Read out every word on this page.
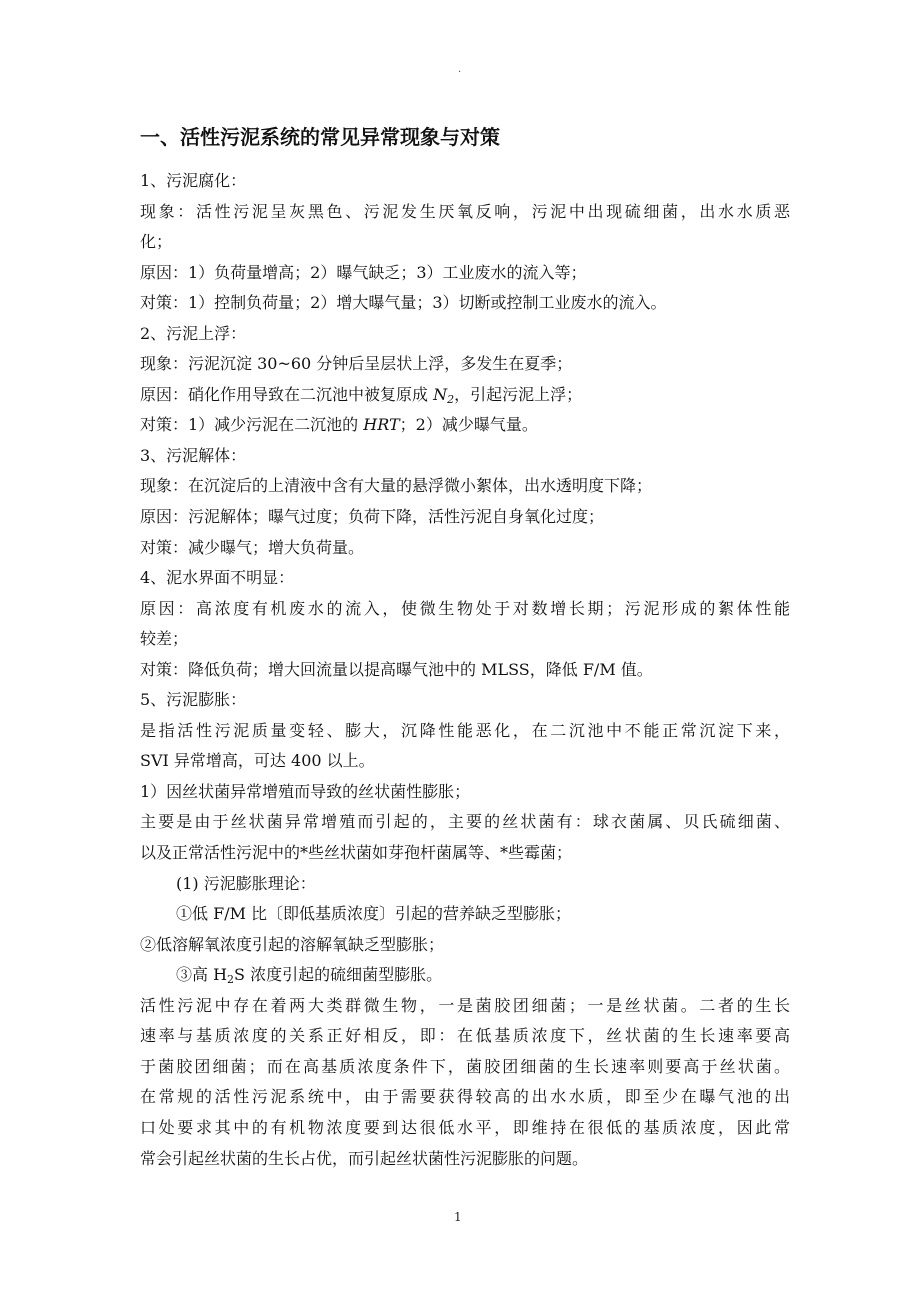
.
一、活性污泥系统的常见异常现象与对策
1、污泥腐化：
现象：活性污泥呈灰黑色、污泥发生厌氧反响，污泥中出现硫细菌，出水水质恶
化；
原因：1）负荷量增高；2）曝气缺乏；3）工业废水的流入等；
对策：1）控制负荷量；2）增大曝气量；3）切断或控制工业废水的流入。
2、污泥上浮：
现象：污泥沉淀 30~60 分钟后呈层状上浮，多发生在夏季；
原因：硝化作用导致在二沉池中被复原成 $N_2$，引起污泥上浮；
对策：1）减少污泥在二沉池的 HRT；2）减少曝气量。
3、污泥解体：
现象：在沉淀后的上清液中含有大量的悬浮微小絮体，出水透明度下降；
原因：污泥解体；曝气过度；负荷下降，活性污泥自身氧化过度；
对策：减少曝气；增大负荷量。
4、泥水界面不明显：
原因：高浓度有机废水的流入，使微生物处于对数增长期；污泥形成的絮体性能
较差；
对策：降低负荷；增大回流量以提高曝气池中的 MLSS，降低 F/M 值。
5、污泥膨胀：
是指活性污泥质量变轻、膨大，沉降性能恶化，在二沉池中不能正常沉淀下来，
SVI 异常增高，可达 400 以上。
1）因丝状菌异常增殖而导致的丝状菌性膨胀；
主要是由于丝状菌异常增殖而引起的，主要的丝状菌有：球衣菌属、贝氏硫细菌、
以及正常活性污泥中的*些丝状菌如芽孢杆菌属等、*些霉菌；
(1) 污泥膨胀理论：
①低 F/M 比〔即低基质浓度〕引起的营养缺乏型膨胀；
②低溶解氧浓度引起的溶解氧缺乏型膨胀；
③高 $H_2S$ 浓度引起的硫细菌型膨胀。
活性污泥中存在着两大类群微生物，一是菌胶团细菌；一是丝状菌。二者的生长
速率与基质浓度的关系正好相反，即：在低基质浓度下，丝状菌的生长速率要高
于菌胶团细菌；而在高基质浓度条件下，菌胶团细菌的生长速率则要高于丝状菌。
在常规的活性污泥系统中，由于需要获得较高的出水水质，即至少在曝气池的出
口处要求其中的有机物浓度要到达很低水平，即维持在很低的基质浓度，因此常
常会引起丝状菌的生长占优，而引起丝状菌性污泥膨胀的问题。
1
